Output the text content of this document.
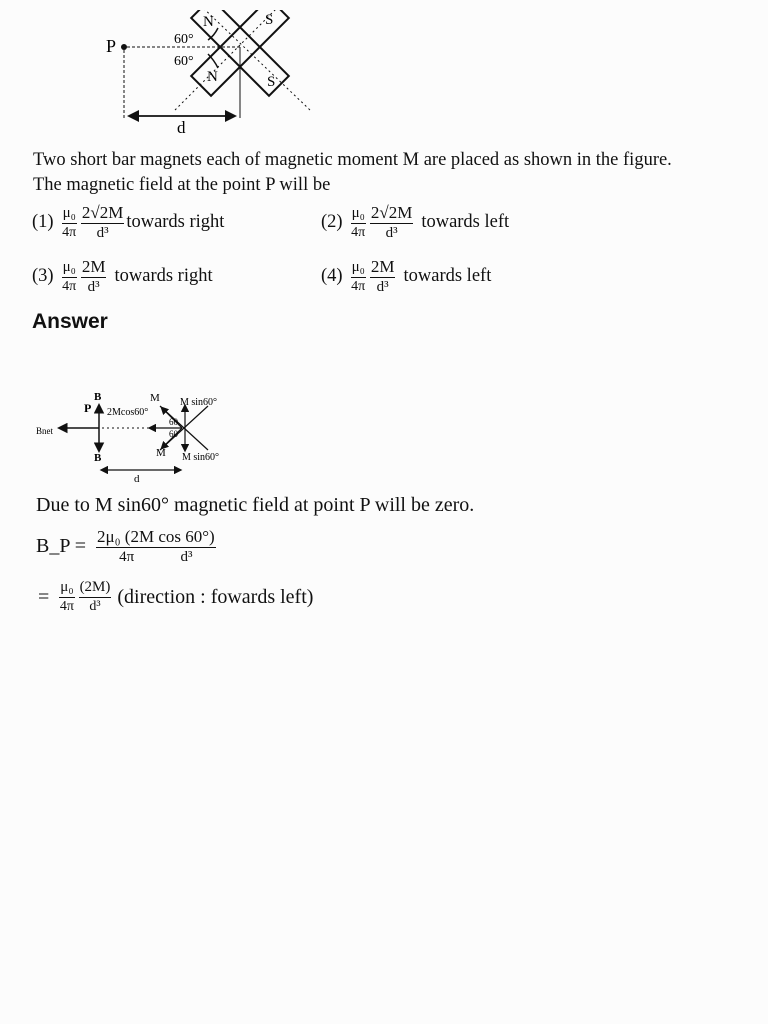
P	60°
60°
N	S
N	S
d
Two short bar magnets each of magnetic moment M are placed as shown in the figure.
The magnetic field at the point P will be
$(1) \frac{\text{μ₀}}{4\pi} \frac{2√2M}{\text{d³}}$ towards right	$(2) \frac{\text{μ₀}}{4\pi} \frac{2√2M}{\text{d³}}$ towards left
$(3) \frac{\text{μ₀}}{4\pi} \frac{2M}{\text{d³}}$ towards right	$(4) \frac{\text{μ₀}}{4\pi} \frac{2M}{\text{d³}}$ towards left
Answer
B
P
Bnet
B
2Mcos60°
M M sin60°
60
60
M M sin60°
d
Due to M sin60° magnetic field at point P will be zero.
B_P = 2μ₀ (2M cos 60°)
4π	d³
= $\frac{\text{μ₀}}{4\pi} \frac{(2M)}{\text{d³}}$ (direction : fowards left)
